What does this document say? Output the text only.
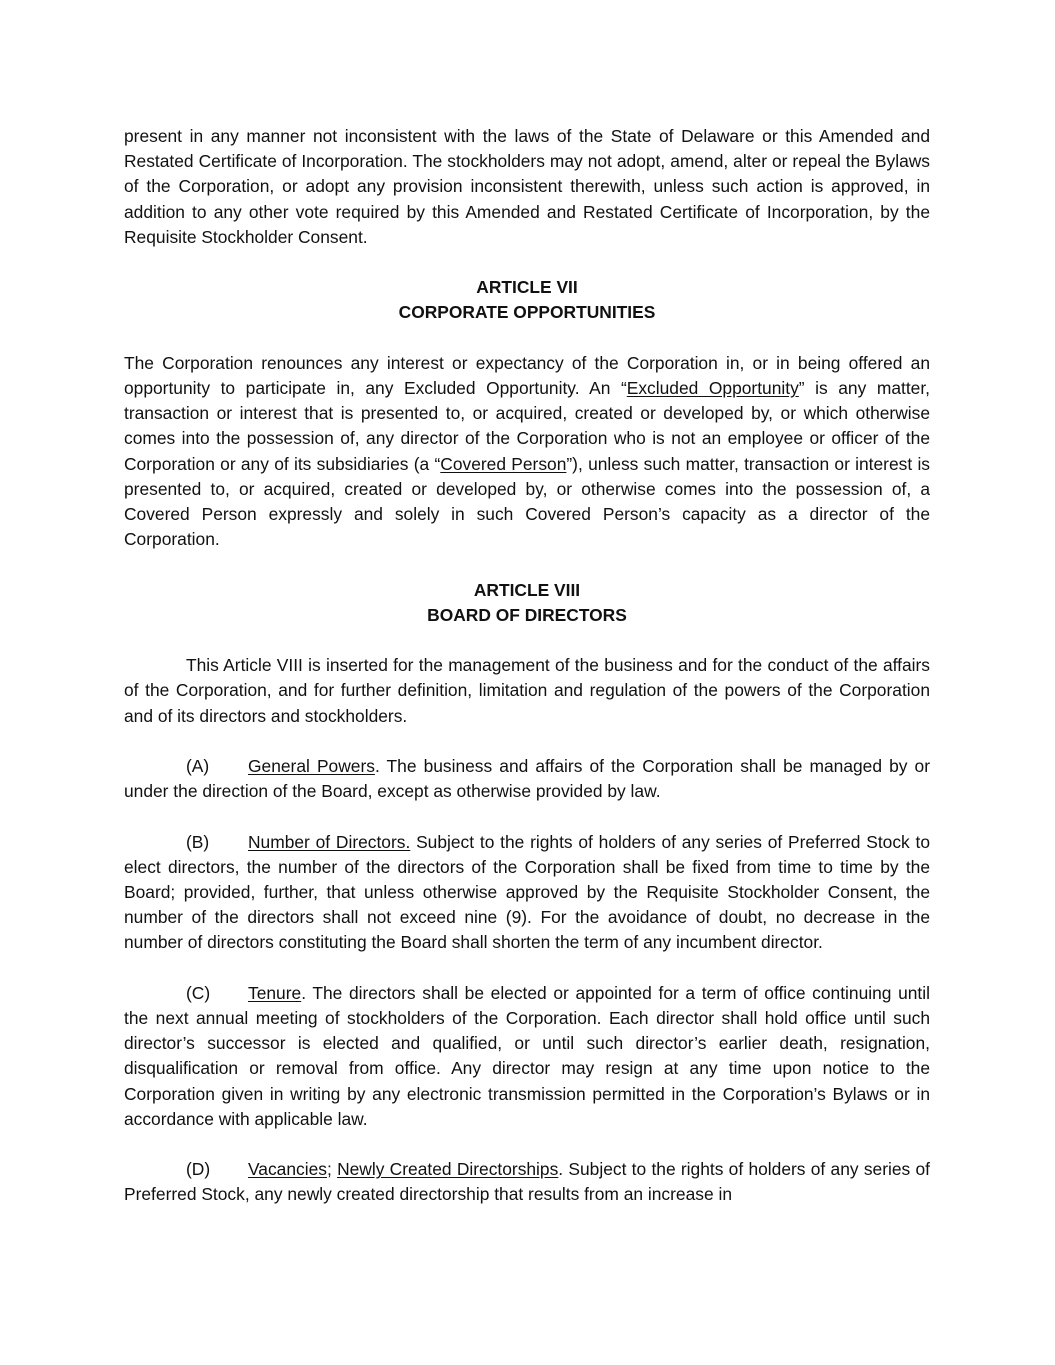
present in any manner not inconsistent with the laws of the State of Delaware or this Amended and Restated Certificate of Incorporation. The stockholders may not adopt, amend, alter or repeal the Bylaws of the Corporation, or adopt any provision inconsistent therewith, unless such action is approved, in addition to any other vote required by this Amended and Restated Certificate of Incorporation, by the Requisite Stockholder Consent.

ARTICLE VII
CORPORATE OPPORTUNITIES

The Corporation renounces any interest or expectancy of the Corporation in, or in being offered an opportunity to participate in, any Excluded Opportunity. An “Excluded Opportunity” is any matter, transaction or interest that is presented to, or acquired, created or developed by, or which otherwise comes into the possession of, any director of the Corporation who is not an employee or officer of the Corporation or any of its subsidiaries (a “Covered Person”), unless such matter, transaction or interest is presented to, or acquired, created or developed by, or otherwise comes into the possession of, a Covered Person expressly and solely in such Covered Person’s capacity as a director of the Corporation.

ARTICLE VIII
BOARD OF DIRECTORS

This Article VIII is inserted for the management of the business and for the conduct of the affairs of the Corporation, and for further definition, limitation and regulation of the powers of the Corporation and of its directors and stockholders.

(A) General Powers. The business and affairs of the Corporation shall be managed by or under the direction of the Board, except as otherwise provided by law.

(B) Number of Directors. Subject to the rights of holders of any series of Preferred Stock to elect directors, the number of the directors of the Corporation shall be fixed from time to time by the Board; provided, further, that unless otherwise approved by the Requisite Stockholder Consent, the number of the directors shall not exceed nine (9). For the avoidance of doubt, no decrease in the number of directors constituting the Board shall shorten the term of any incumbent director.

(C) Tenure. The directors shall be elected or appointed for a term of office continuing until the next annual meeting of stockholders of the Corporation. Each director shall hold office until such director’s successor is elected and qualified, or until such director’s earlier death, resignation, disqualification or removal from office. Any director may resign at any time upon notice to the Corporation given in writing by any electronic transmission permitted in the Corporation’s Bylaws or in accordance with applicable law.

(D) Vacancies; Newly Created Directorships. Subject to the rights of holders of any series of Preferred Stock, any newly created directorship that results from an increase in
